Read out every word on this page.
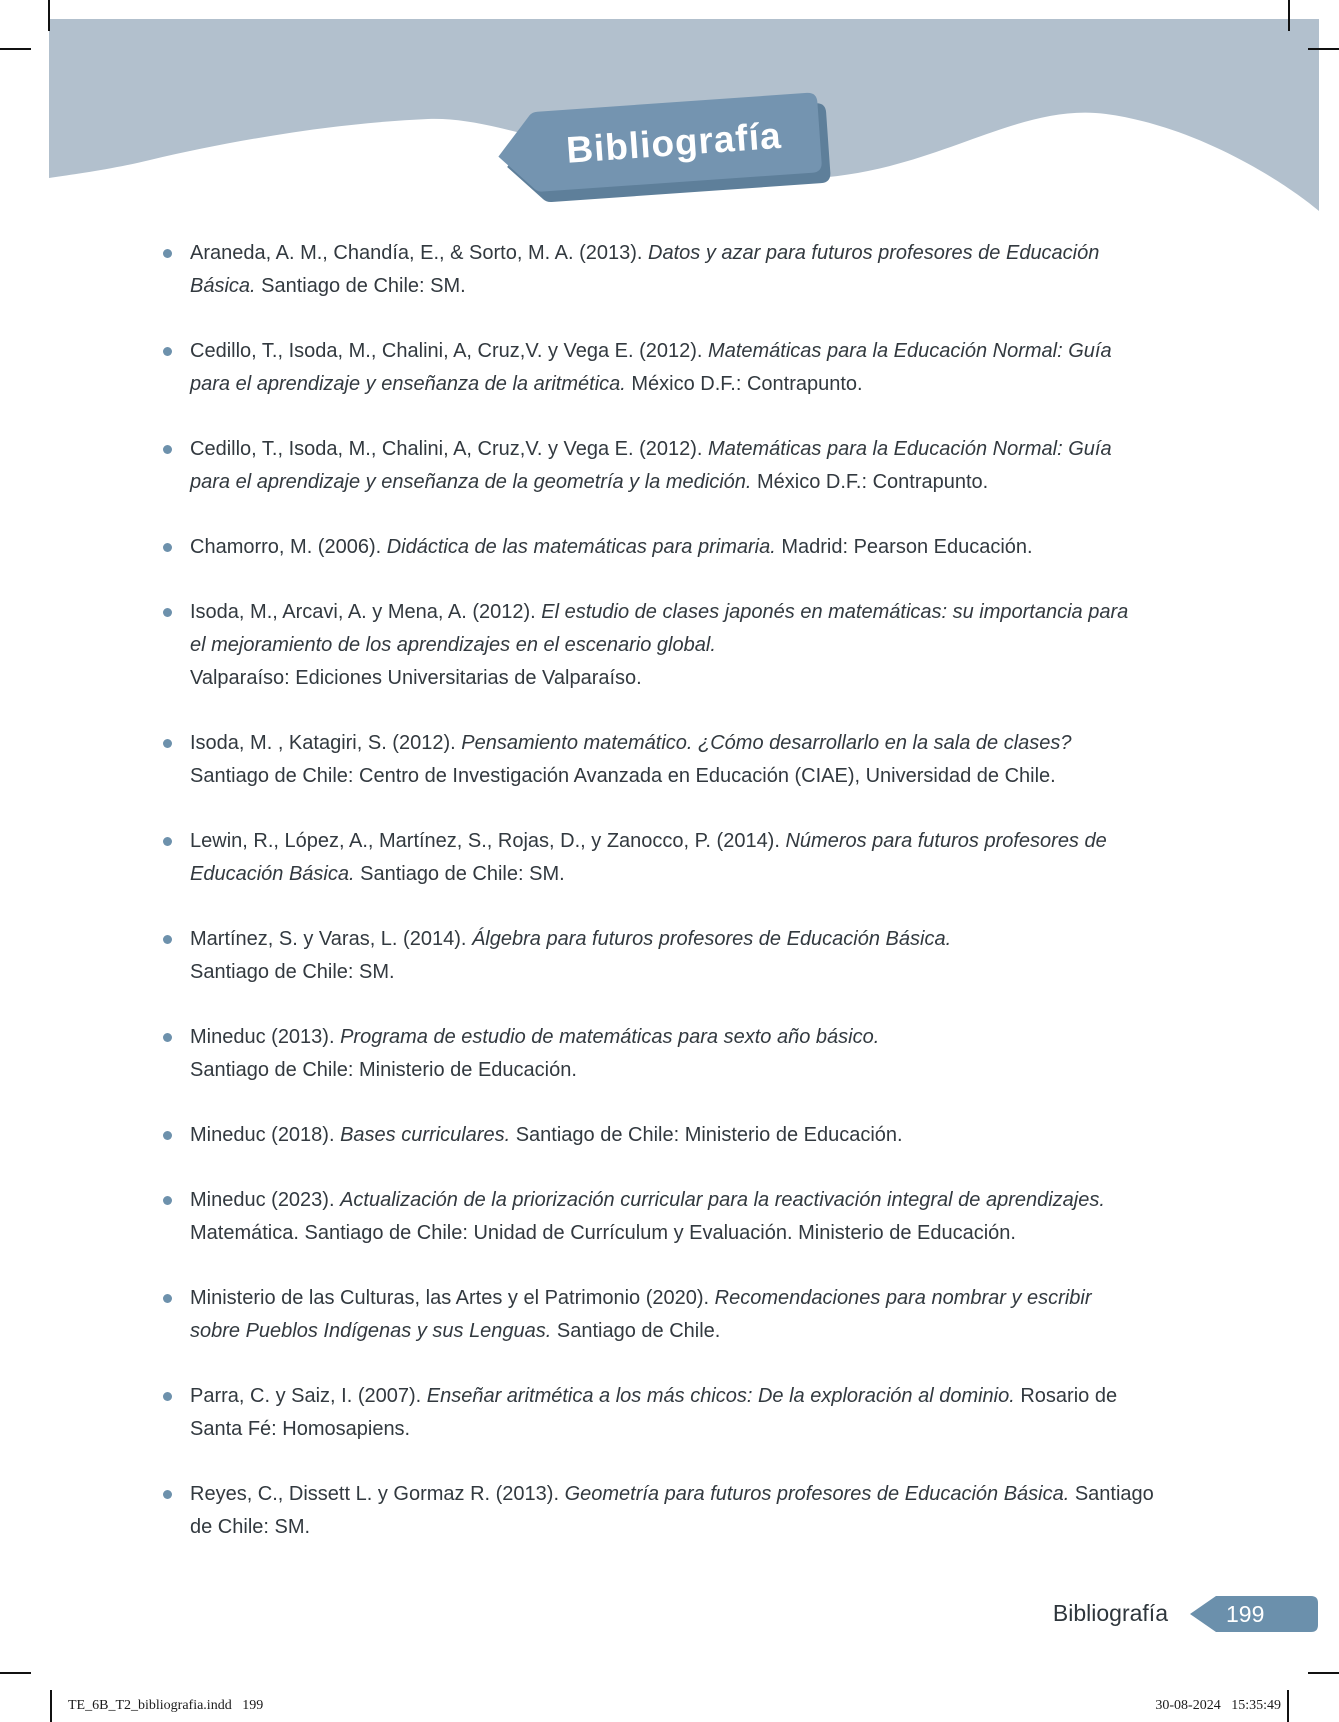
Bibliografía
Araneda, A. M., Chandía, E., & Sorto, M. A. (2013). Datos y azar para futuros profesores de Educación
Básica. Santiago de Chile: SM.
Cedillo, T., Isoda, M., Chalini, A, Cruz,V. y Vega E. (2012). Matemáticas para la Educación Normal: Guía
para el aprendizaje y enseñanza de la aritmética. México D.F.: Contrapunto.
Cedillo, T., Isoda, M., Chalini, A, Cruz,V. y Vega E. (2012). Matemáticas para la Educación Normal: Guía
para el aprendizaje y enseñanza de la geometría y la medición. México D.F.: Contrapunto.
Chamorro, M. (2006). Didáctica de las matemáticas para primaria. Madrid: Pearson Educación.
Isoda, M., Arcavi, A. y Mena, A. (2012). El estudio de clases japonés en matemáticas: su importancia para
el mejoramiento de los aprendizajes en el escenario global.
Valparaíso: Ediciones Universitarias de Valparaíso.
Isoda, M. , Katagiri, S. (2012). Pensamiento matemático. ¿Cómo desarrollarlo en la sala de clases?
Santiago de Chile: Centro de Investigación Avanzada en Educación (CIAE), Universidad de Chile.
Lewin, R., López, A., Martínez, S., Rojas, D., y Zanocco, P. (2014). Números para futuros profesores de
Educación Básica. Santiago de Chile: SM.
Martínez, S. y Varas, L. (2014). Álgebra para futuros profesores de Educación Básica.
Santiago de Chile: SM.
Mineduc (2013). Programa de estudio de matemáticas para sexto año básico.
Santiago de Chile: Ministerio de Educación.
Mineduc (2018). Bases curriculares. Santiago de Chile: Ministerio de Educación.
Mineduc (2023). Actualización de la priorización curricular para la reactivación integral de aprendizajes.
Matemática. Santiago de Chile: Unidad de Currículum y Evaluación. Ministerio de Educación.
Ministerio de las Culturas, las Artes y el Patrimonio (2020). Recomendaciones para nombrar y escribir
sobre Pueblos Indígenas y sus Lenguas. Santiago de Chile.
Parra, C. y Saiz, I. (2007). Enseñar aritmética a los más chicos: De la exploración al dominio. Rosario de
Santa Fé: Homosapiens.
Reyes, C., Dissett L. y Gormaz R. (2013). Geometría para futuros profesores de Educación Básica. Santiago
de Chile: SM.
Bibliografía	199
TE_6B_T2_bibliografia.indd   199	30-08-2024   15:35:49
